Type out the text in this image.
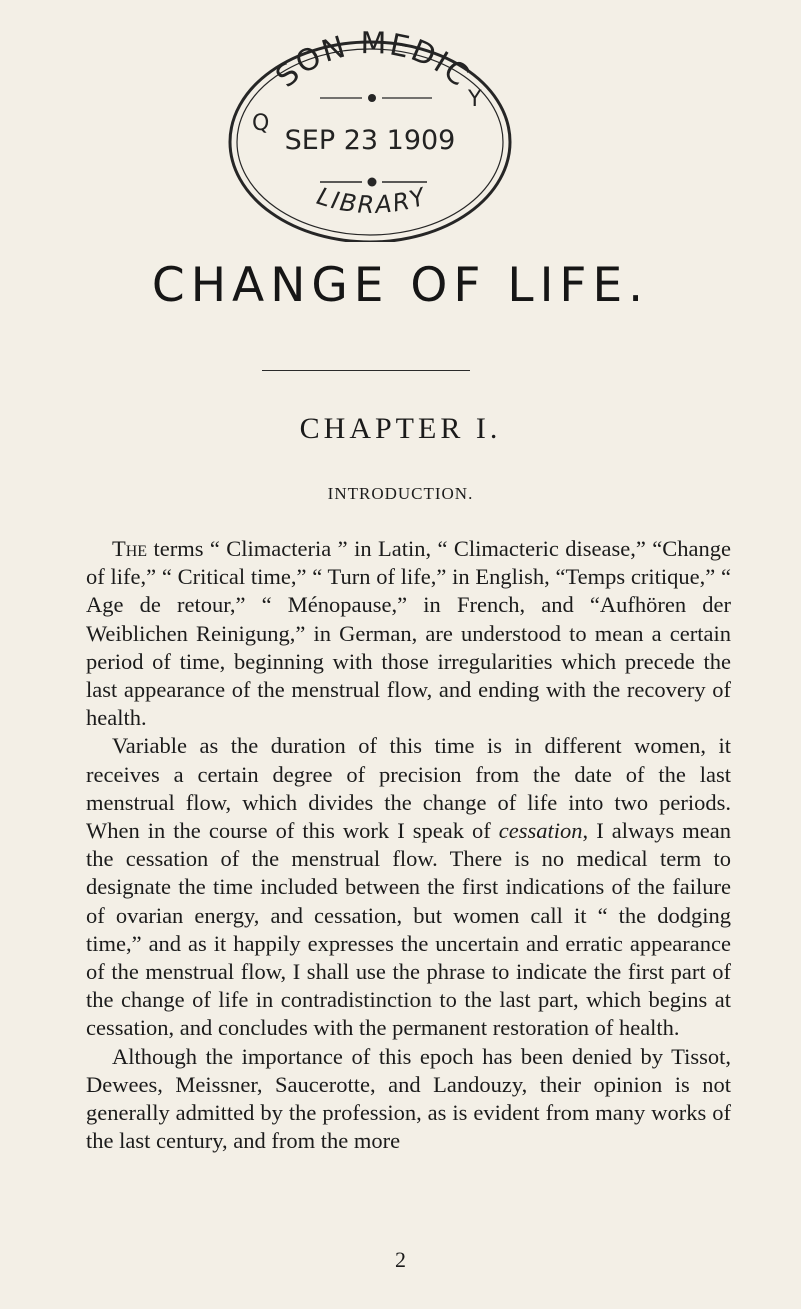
SON MEDIC
Q
Y
SEP 23 1909
LIBRARY
CHANGE OF LIFE.
CHAPTER I.
INTRODUCTION.

The terms “ Climacteria ” in Latin, “ Climacteric disease,” “Change of life,” “ Critical time,” “ Turn of life,” in English, “Temps critique,” “ Age de retour,” “ Ménopause,” in French, and “Aufhören der Weiblichen Reinigung,” in German, are understood to mean a certain period of time, beginning with those irregularities which precede the last appearance of the menstrual flow, and ending with the recovery of health.

Variable as the duration of this time is in different women, it receives a certain degree of precision from the date of the last menstrual flow, which divides the change of life into two periods. When in the course of this work I speak of cessation, I always mean the cessation of the menstrual flow. There is no medical term to designate the time included between the first indications of the failure of ovarian energy, and cessation, but women call it “ the dodging time,” and as it happily expresses the uncertain and erratic appearance of the menstrual flow, I shall use the phrase to indicate the first part of the change of life in contradistinction to the last part, which begins at cessation, and concludes with the permanent restoration of health.

Although the importance of this epoch has been denied by Tissot, Dewees, Meissner, Saucerotte, and Landouzy, their opinion is not generally admitted by the profession, as is evident from many works of the last century, and from the more

2
